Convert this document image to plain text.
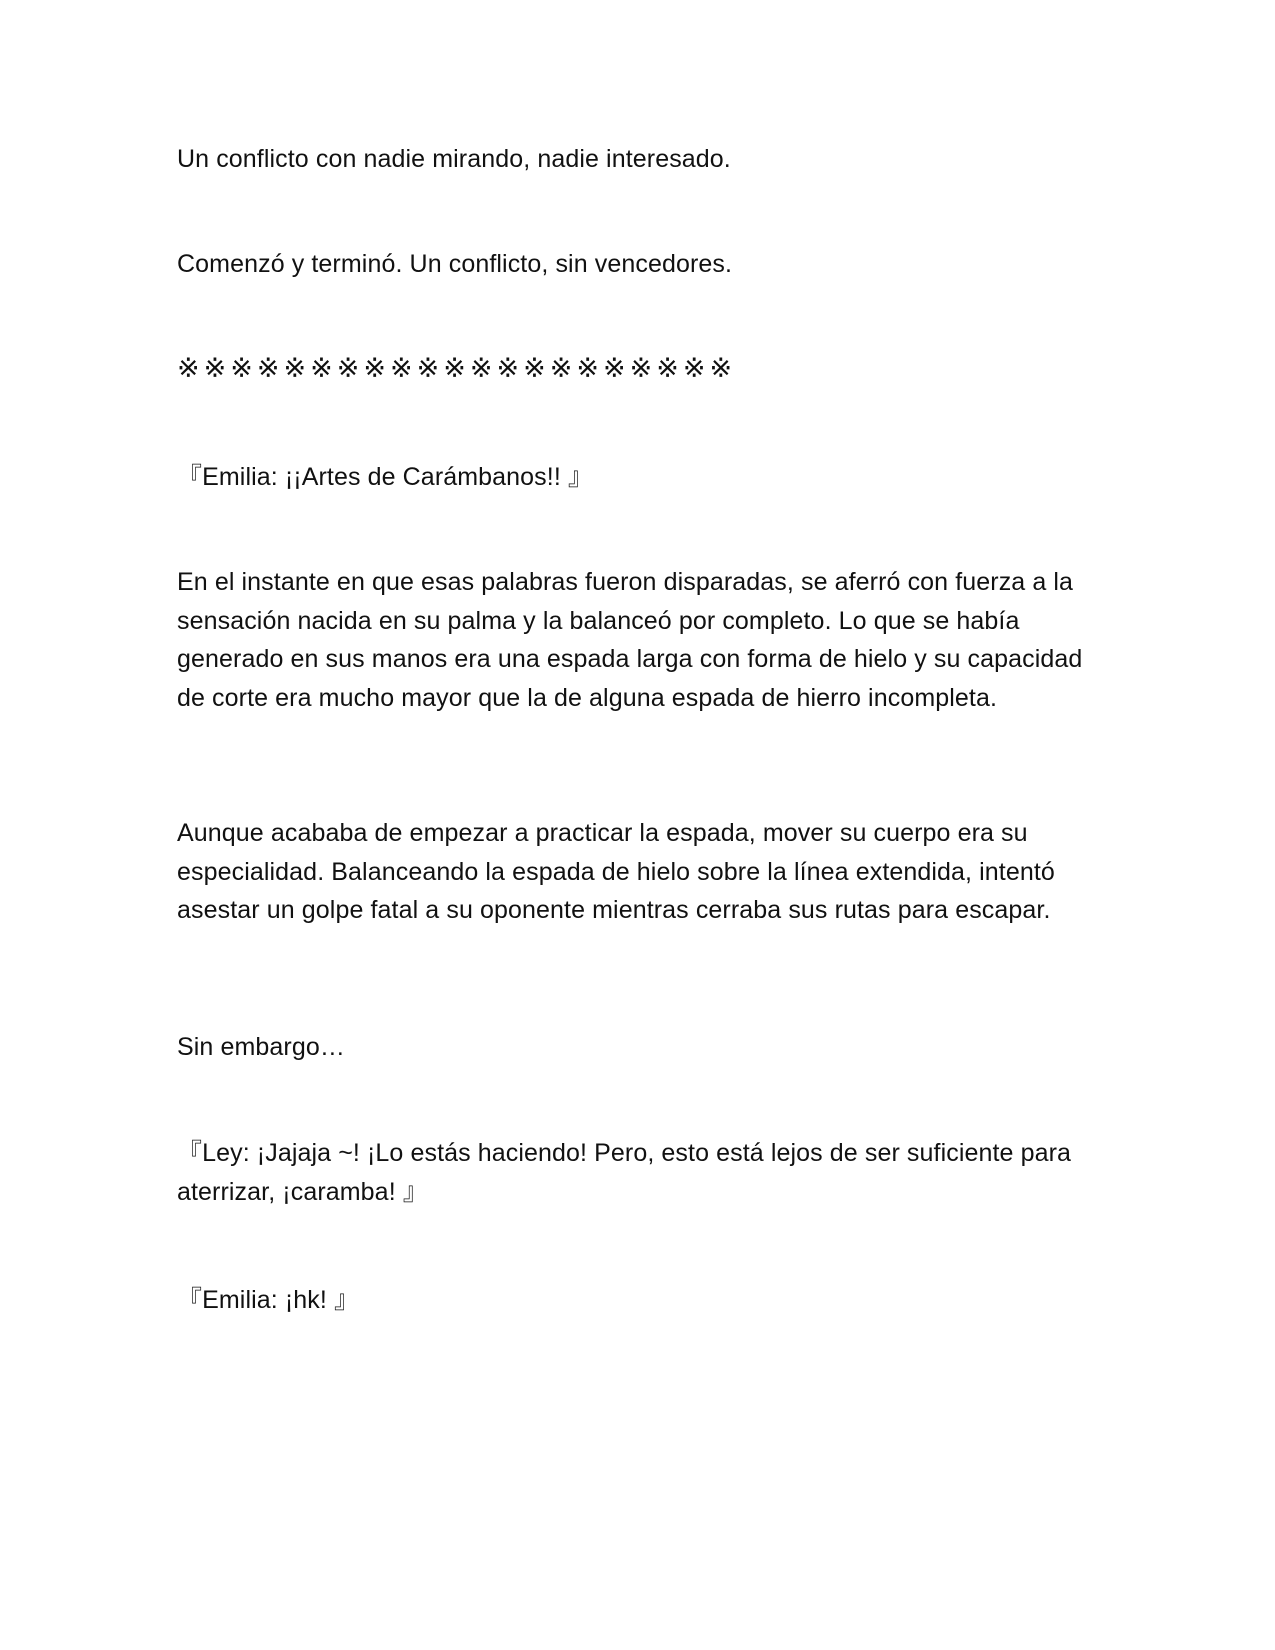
Un conflicto con nadie mirando, nadie interesado.

Comenzó y terminó. Un conflicto, sin vencedores.

※※※※※※※※※※※※※※※※※※※※※

『Emilia: ¡¡Artes de Carámbanos!! 』

En el instante en que esas palabras fueron disparadas, se aferró con fuerza a la sensación nacida en su palma y la balanceó por completo. Lo que se había generado en sus manos era una espada larga con forma de hielo y su capacidad de corte era mucho mayor que la de alguna espada de hierro incompleta.

Aunque acababa de empezar a practicar la espada, mover su cuerpo era su especialidad. Balanceando la espada de hielo sobre la línea extendida, intentó asestar un golpe fatal a su oponente mientras cerraba sus rutas para escapar.

Sin embargo…

『Ley: ¡Jajaja ~! ¡Lo estás haciendo! Pero, esto está lejos de ser suficiente para aterrizar, ¡caramba! 』

『Emilia: ¡hk! 』
